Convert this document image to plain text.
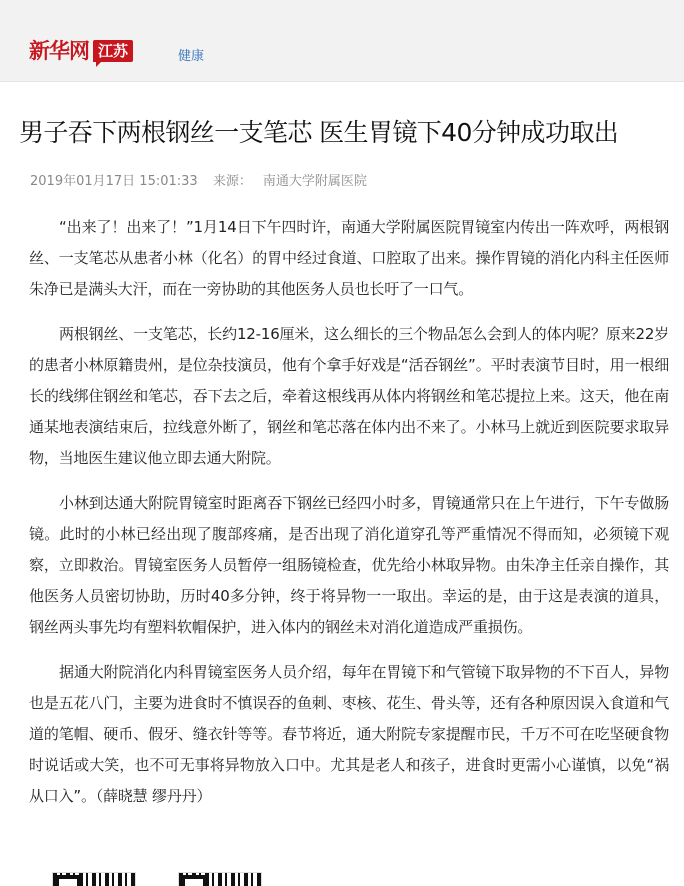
新华网 江苏	健康
男子吞下两根钢丝一支笔芯 医生胃镜下40分钟成功取出
2019年01月17日 15:01:33 来源： 南通大学附属医院

“出来了！出来了！”1月14日下午四时许，南通大学附属医院胃镜室内传出一阵欢呼，两根钢丝、一支笔芯从患者小林（化名）的胃中经过食道、口腔取了出来。操作胃镜的消化内科主任医师朱净已是满头大汗，而在一旁协助的其他医务人员也长吁了一口气。

两根钢丝、一支笔芯，长约12-16厘米，这么细长的三个物品怎么会到人的体内呢？原来22岁的患者小林原籍贵州，是位杂技演员，他有个拿手好戏是“活吞钢丝”。平时表演节目时，用一根细长的线绑住钢丝和笔芯，吞下去之后，牵着这根线再从体内将钢丝和笔芯提拉上来。这天，他在南通某地表演结束后，拉线意外断了，钢丝和笔芯落在体内出不来了。小林马上就近到医院要求取异物，当地医生建议他立即去通大附院。

小林到达通大附院胃镜室时距离吞下钢丝已经四小时多，胃镜通常只在上午进行，下午专做肠镜。此时的小林已经出现了腹部疼痛，是否出现了消化道穿孔等严重情况不得而知，必须镜下观察，立即救治。胃镜室医务人员暂停一组肠镜检查，优先给小林取异物。由朱净主任亲自操作，其他医务人员密切协助，历时40多分钟，终于将异物一一取出。幸运的是，由于这是表演的道具，钢丝两头事先均有塑料软帽保护，进入体内的钢丝未对消化道造成严重损伤。

据通大附院消化内科胃镜室医务人员介绍，每年在胃镜下和气管镜下取异物的不下百人，异物也是五花八门，主要为进食时不慎误吞的鱼刺、枣核、花生、骨头等，还有各种原因误入食道和气道的笔帽、硬币、假牙、缝衣针等等。春节将近，通大附院专家提醒市民，千万不可在吃坚硬食物时说话或大笑，也不可无事将异物放入口中。尤其是老人和孩子，进食时更需小心谨慎，以免“祸从口入”。（薛晓慧 缪丹丹）
